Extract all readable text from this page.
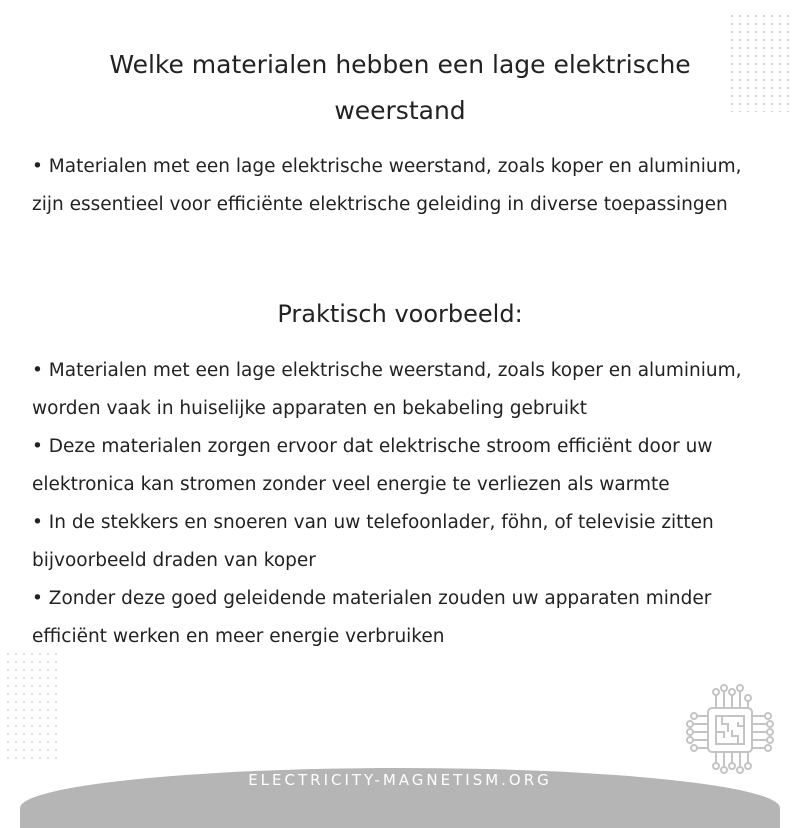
Welke materialen hebben een lage elektrische weerstand

• Materialen met een lage elektrische weerstand, zoals koper en aluminium, zijn essentieel voor efficiënte elektrische geleiding in diverse toepassingen

Praktisch voorbeeld:
• Materialen met een lage elektrische weerstand, zoals koper en aluminium, worden vaak in huiselijke apparaten en bekabeling gebruikt
• Deze materialen zorgen ervoor dat elektrische stroom efficiënt door uw elektronica kan stromen zonder veel energie te verliezen als warmte
• In de stekkers en snoeren van uw telefoonlader, föhn, of televisie zitten bijvoorbeeld draden van koper
• Zonder deze goed geleidende materialen zouden uw apparaten minder efficiënt werken en meer energie verbruiken
ELECTRICITY-MAGNETISM.ORG
